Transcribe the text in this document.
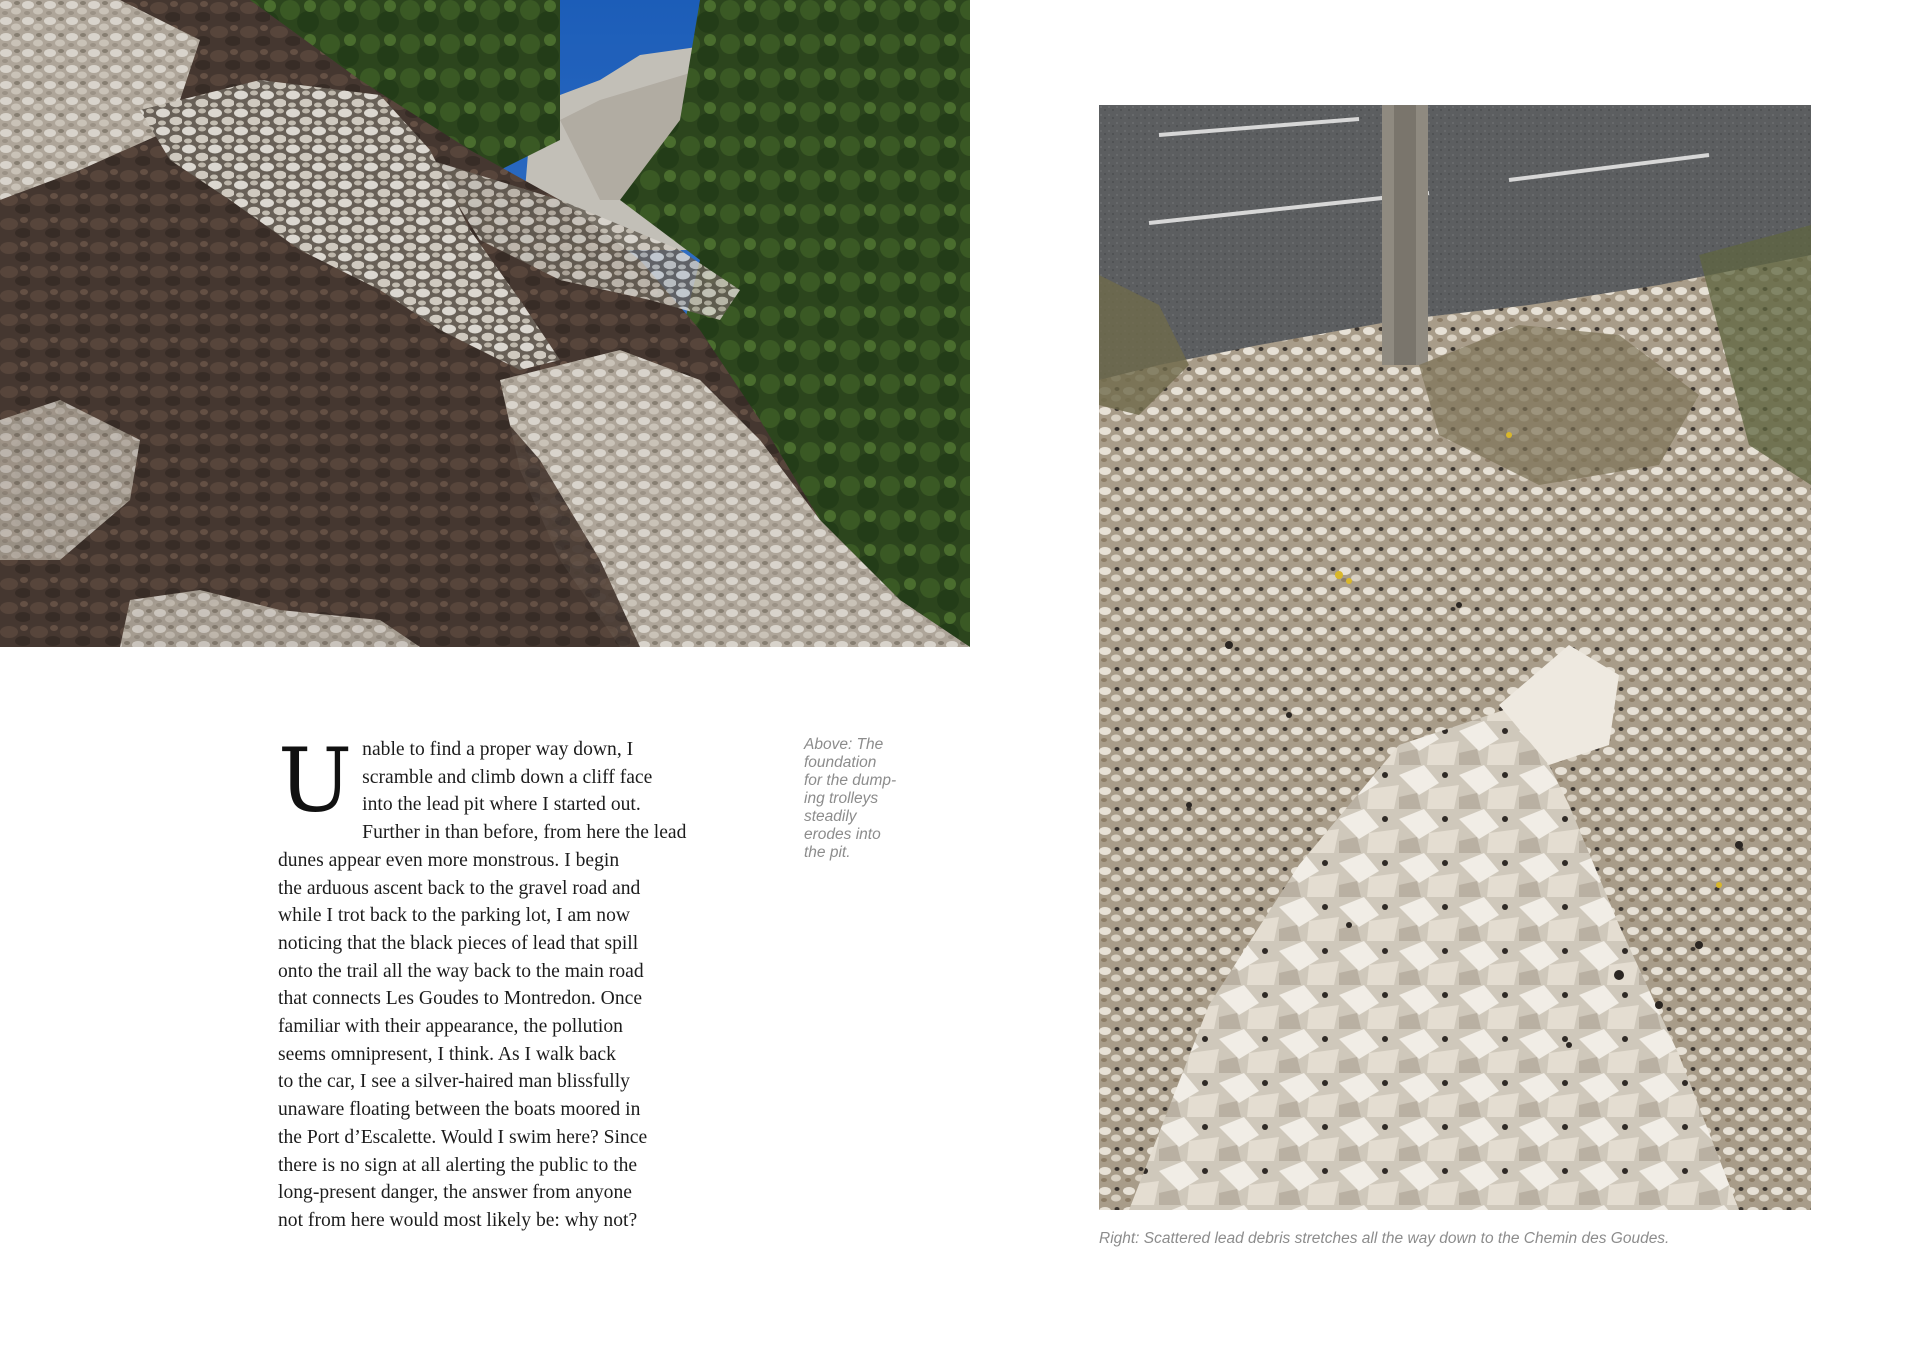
U nable to find a proper way down, I
scramble and climb down a cliff face
into the lead pit where I started out.
Further in than before, from here the lead
dunes appear even more monstrous. I begin
the arduous ascent back to the gravel road and
while I trot back to the parking lot, I am now
noticing that the black pieces of lead that spill
onto the trail all the way back to the main road
that connects Les Goudes to Montredon. Once
familiar with their appearance, the pollution
seems omnipresent, I think. As I walk back
to the car, I see a silver-haired man blissfully
unaware floating between the boats moored in
the Port d’Escalette. Would I swim here? Since
there is no sign at all alerting the public to the
long-present danger, the answer from anyone
not from here would most likely be: why not?
Above: The
foundation
for the dump-
ing trolleys
steadily
erodes into
the pit.
Right: Scattered lead debris stretches all the way down to the Chemin des Goudes.
